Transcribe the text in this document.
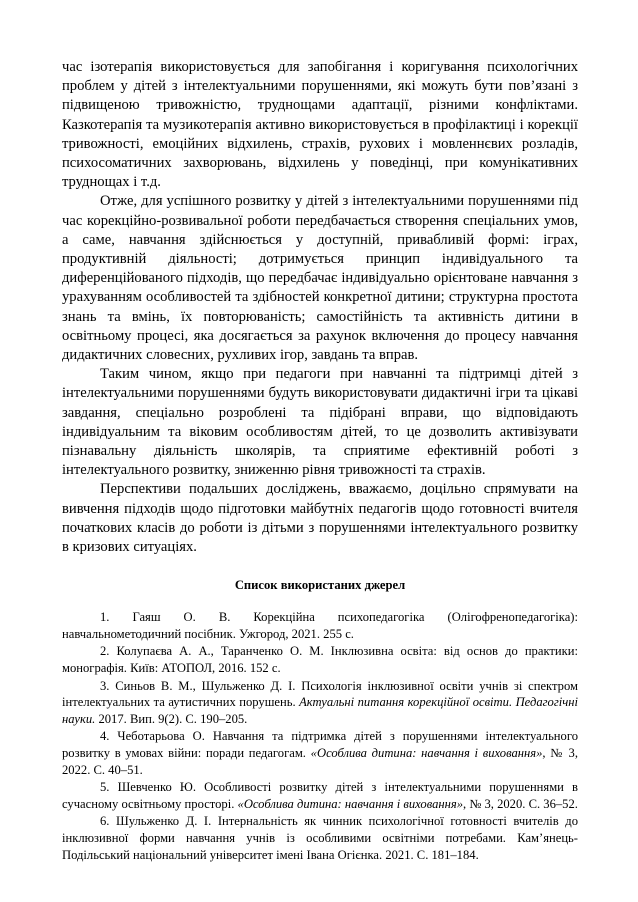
час ізотерапія використовується для запобігання і коригування психологічних проблем у дітей з інтелектуальними порушеннями, які можуть бути пов’язані з підвищеною тривожністю, труднощами адаптації, різними конфліктами. Казкотерапія та музикотерапія активно використовується в профілактиці і корекції тривожності, емоційних відхилень, страхів, рухових і мовленнєвих розладів, психосоматичних захворювань, відхилень у поведінці, при комунікативних труднощах і т.д.

Отже, для успішного розвитку у дітей з інтелектуальними порушеннями під час корекційно-розвивальної роботи передбачається створення спеціальних умов, а саме, навчання здійснюється у доступній, привабливій формі: іграх, продуктивній діяльності; дотримується принцип індивідуального та диференційованого підходів, що передбачає індивідуально орієнтоване навчання з урахуванням особливостей та здібностей конкретної дитини; структурна простота знань та вмінь, їх повторюваність; самостійність та активність дитини в освітньому процесі, яка досягається за рахунок включення до процесу навчання дидактичних словесних, рухливих ігор, завдань та вправ.

Таким чином, якщо при педагоги при навчанні та підтримці дітей з інтелектуальними порушеннями будуть використовувати дидактичні ігри та цікаві завдання, спеціально розроблені та підібрані вправи, що відповідають індивідуальним та віковим особливостям дітей, то це дозволить активізувати пізнавальну діяльність школярів, та сприятиме ефективній роботі з інтелектуального розвитку, зниженню рівня тривожності та страхів.

Перспективи подальших досліджень, вважаємо, доцільно спрямувати на вивчення підходів щодо підготовки майбутніх педагогів щодо готовності вчителя початкових класів до роботи із дітьми з порушеннями інтелектуального розвитку в кризових ситуаціях.

Список використаних джерел

1. Гаяш О. В. Корекційна психопедагогіка (Олігофренопедагогіка): навчальнометодичний посібник. Ужгород, 2021. 255 с.

2. Колупаєва А. А., Таранченко О. М. Інклюзивна освіта: від основ до практики: монографія. Київ: АТОПОЛ, 2016. 152 с.

3. Синьов В. М., Шульженко Д. І. Психологія інклюзивної освіти учнів зі спектром інтелектуальних та аутистичних порушень. Актуальні питання корекційної освіти. Педагогічні науки. 2017. Вип. 9(2). С. 190–205.

4. Чеботарьова О. Навчання та підтримка дітей з порушеннями інтелектуального розвитку в умовах війни: поради педагогам. «Особлива дитина: навчання і виховання», № 3, 2022. С. 40–51.

5. Шевченко Ю. Особливості розвитку дітей з інтелектуальними порушеннями в сучасному освітньому просторі. «Особлива дитина: навчання і виховання», № 3, 2020. С. 36–52.

6. Шульженко Д. І. Інтернальність як чинник психологічної готовності вчителів до інклюзивної форми навчання учнів із особливими освітніми потребами. Кам’янець-Подільський національний університет імені Івана Огієнка. 2021. С. 181–184.
